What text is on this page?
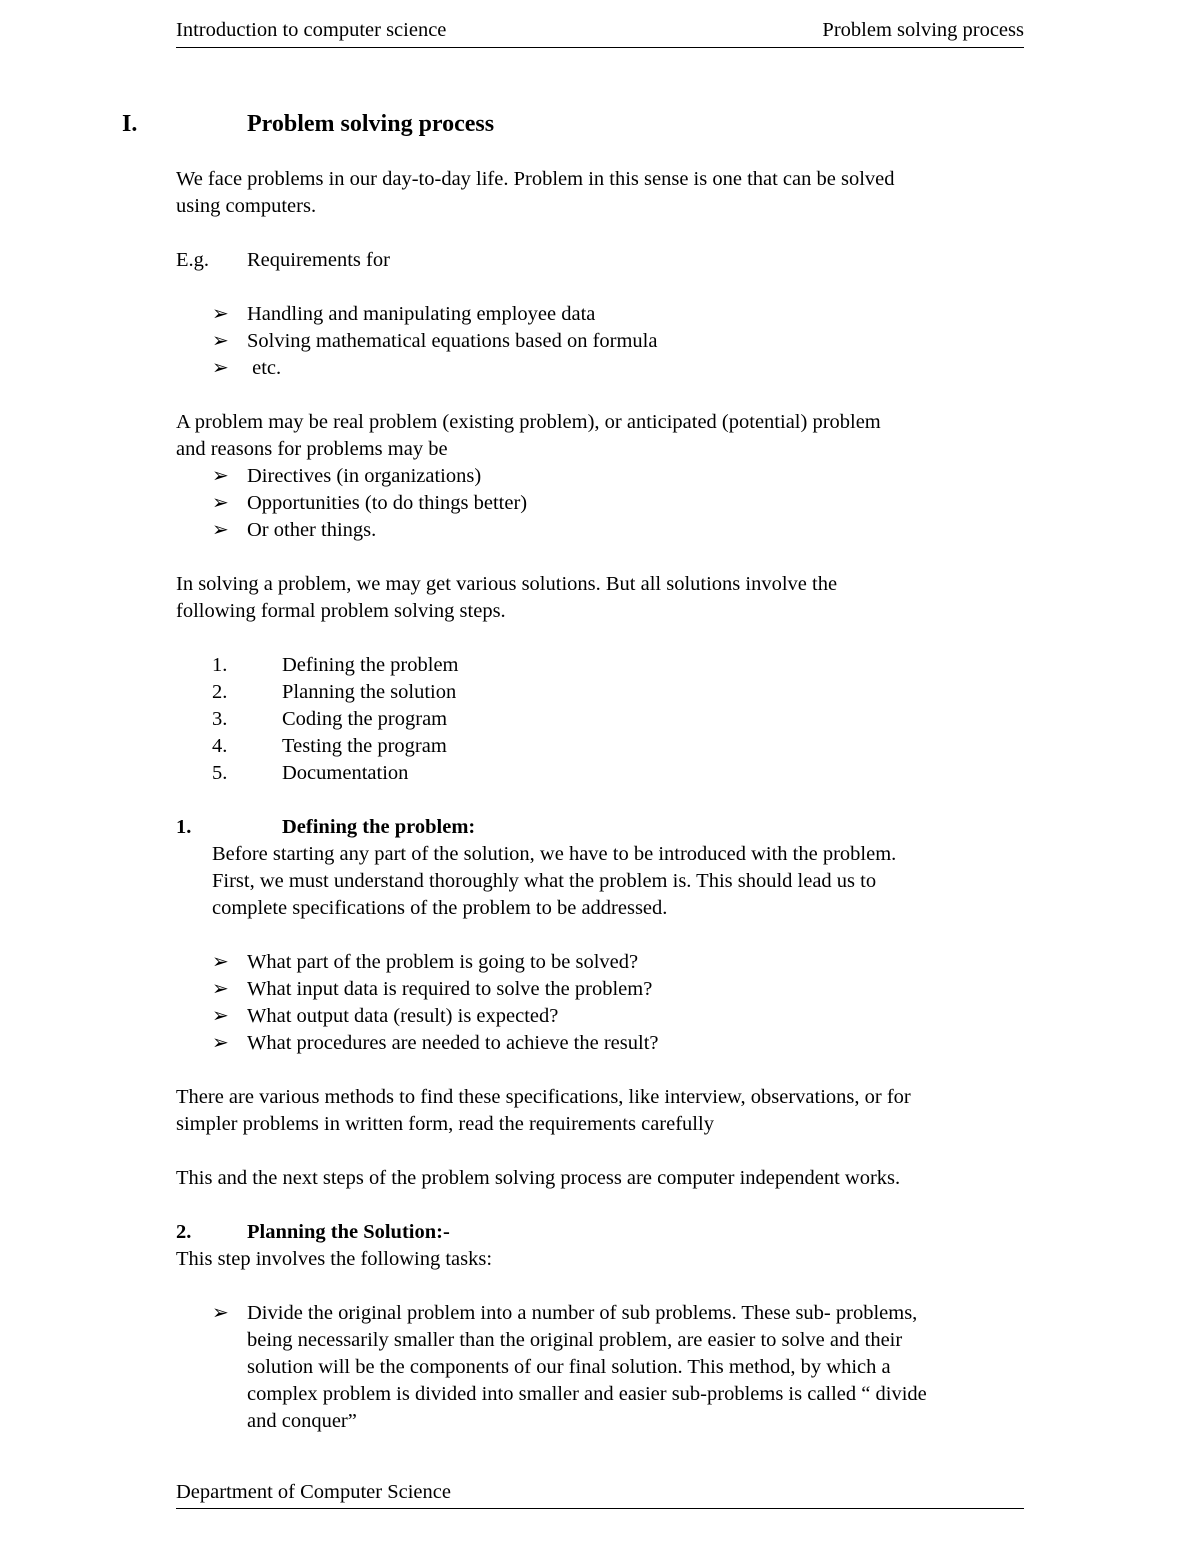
Introduction to computer science	Problem solving process
I.	Problem solving process
We face problems in our day-to-day life. Problem in this sense is one that can be solved
using computers.
E.g. Requirements for
➢ Handling and manipulating employee data
➢ Solving mathematical equations based on formula
➢ etc.
A problem may be real problem (existing problem), or anticipated (potential) problem
and reasons for problems may be
➢ Directives (in organizations)
➢ Opportunities (to do things better)
➢ Or other things.
In solving a problem, we may get various solutions. But all solutions involve the
following formal problem solving steps.
1.	Defining the problem
2.	Planning the solution
3.	Coding the program
4.	Testing the program
5.	Documentation
1.	Defining the problem:
Before starting any part of the solution, we have to be introduced with the problem.
First, we must understand thoroughly what the problem is. This should lead us to
complete specifications of the problem to be addressed.
➢ What part of the problem is going to be solved?
➢ What input data is required to solve the problem?
➢ What output data (result) is expected?
➢ What procedures are needed to achieve the result?
There are various methods to find these specifications, like interview, observations, or for
simpler problems in written form, read the requirements carefully
This and the next steps of the problem solving process are computer independent works.
2.	Planning the Solution:-
This step involves the following tasks:
➢ Divide the original problem into a number of sub problems. These sub- problems,
being necessarily smaller than the original problem, are easier to solve and their
solution will be the components of our final solution. This method, by which a
complex problem is divided into smaller and easier sub-problems is called “ divide
and conquer”
Department of Computer Science
